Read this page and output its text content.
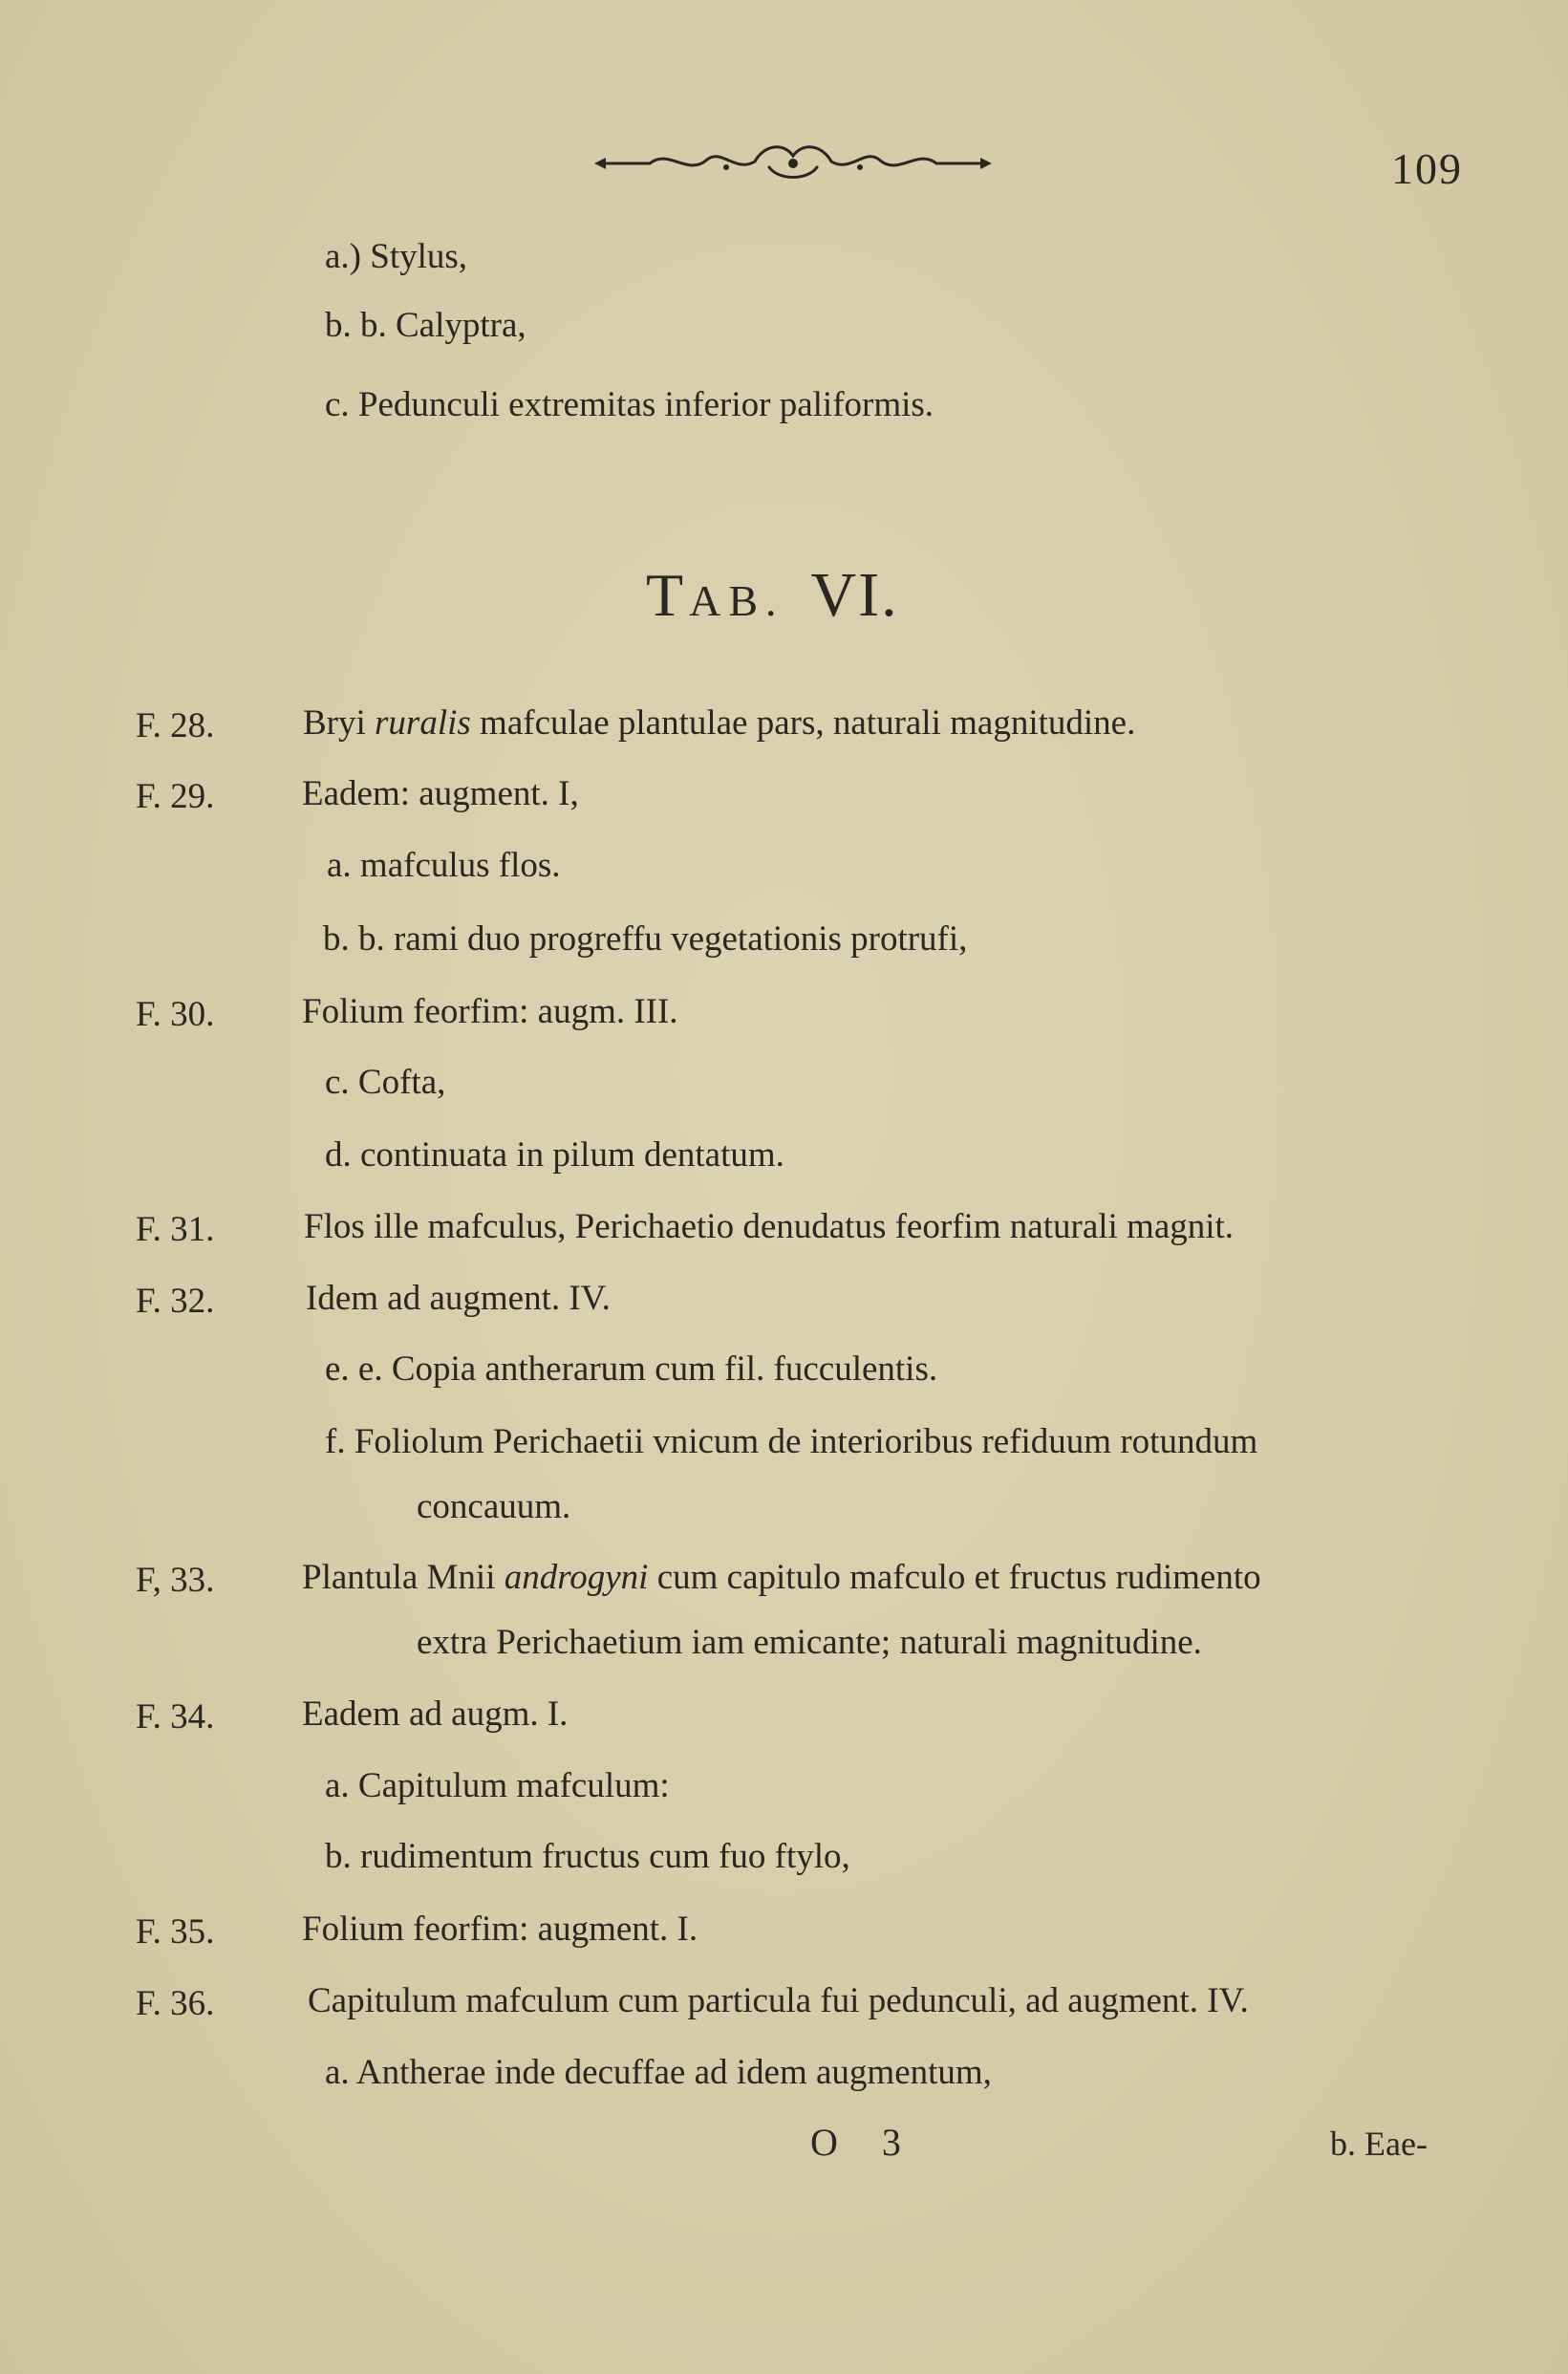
109
a.) Stylus,
b. b. Calyptra,
c. Pedunculi extremitas inferior paliformis.
TAB. VI.
F. 28.	Bryi ruralis mafculae plantulae pars, naturali magnitudine.
F. 29. Eadem: augment. I,
a. mafculus flos.
b. b. rami duo progreffu vegetationis protrufi,
F. 30. Folium feorfim: augm. III.
c. Cofta,
d. continuata in pilum dentatum.
F. 31.	Flos ille mafculus, Perichaetio denudatus feorfim naturali magnit.
F. 32.	Idem ad augment. IV.
e. e. Copia antherarum cum fil. fucculentis.
f. Foliolum Perichaetii vnicum de interioribus refiduum rotundum
concauum.
F, 33. Plantula Mnii androgyni cum capitulo mafculo et fructus rudimento
extra Perichaetium iam emicante; naturali magnitudine.
F. 34. Eadem ad augm. I.
a. Capitulum mafculum:
b. rudimentum fructus cum fuo ftylo,
F. 35. Folium feorfim: augment. I.
F. 36.	Capitulum mafculum cum particula fui pedunculi, ad augment. IV.
a. Antherae inde decuffae ad idem augmentum,
O 3	b. Eae-
